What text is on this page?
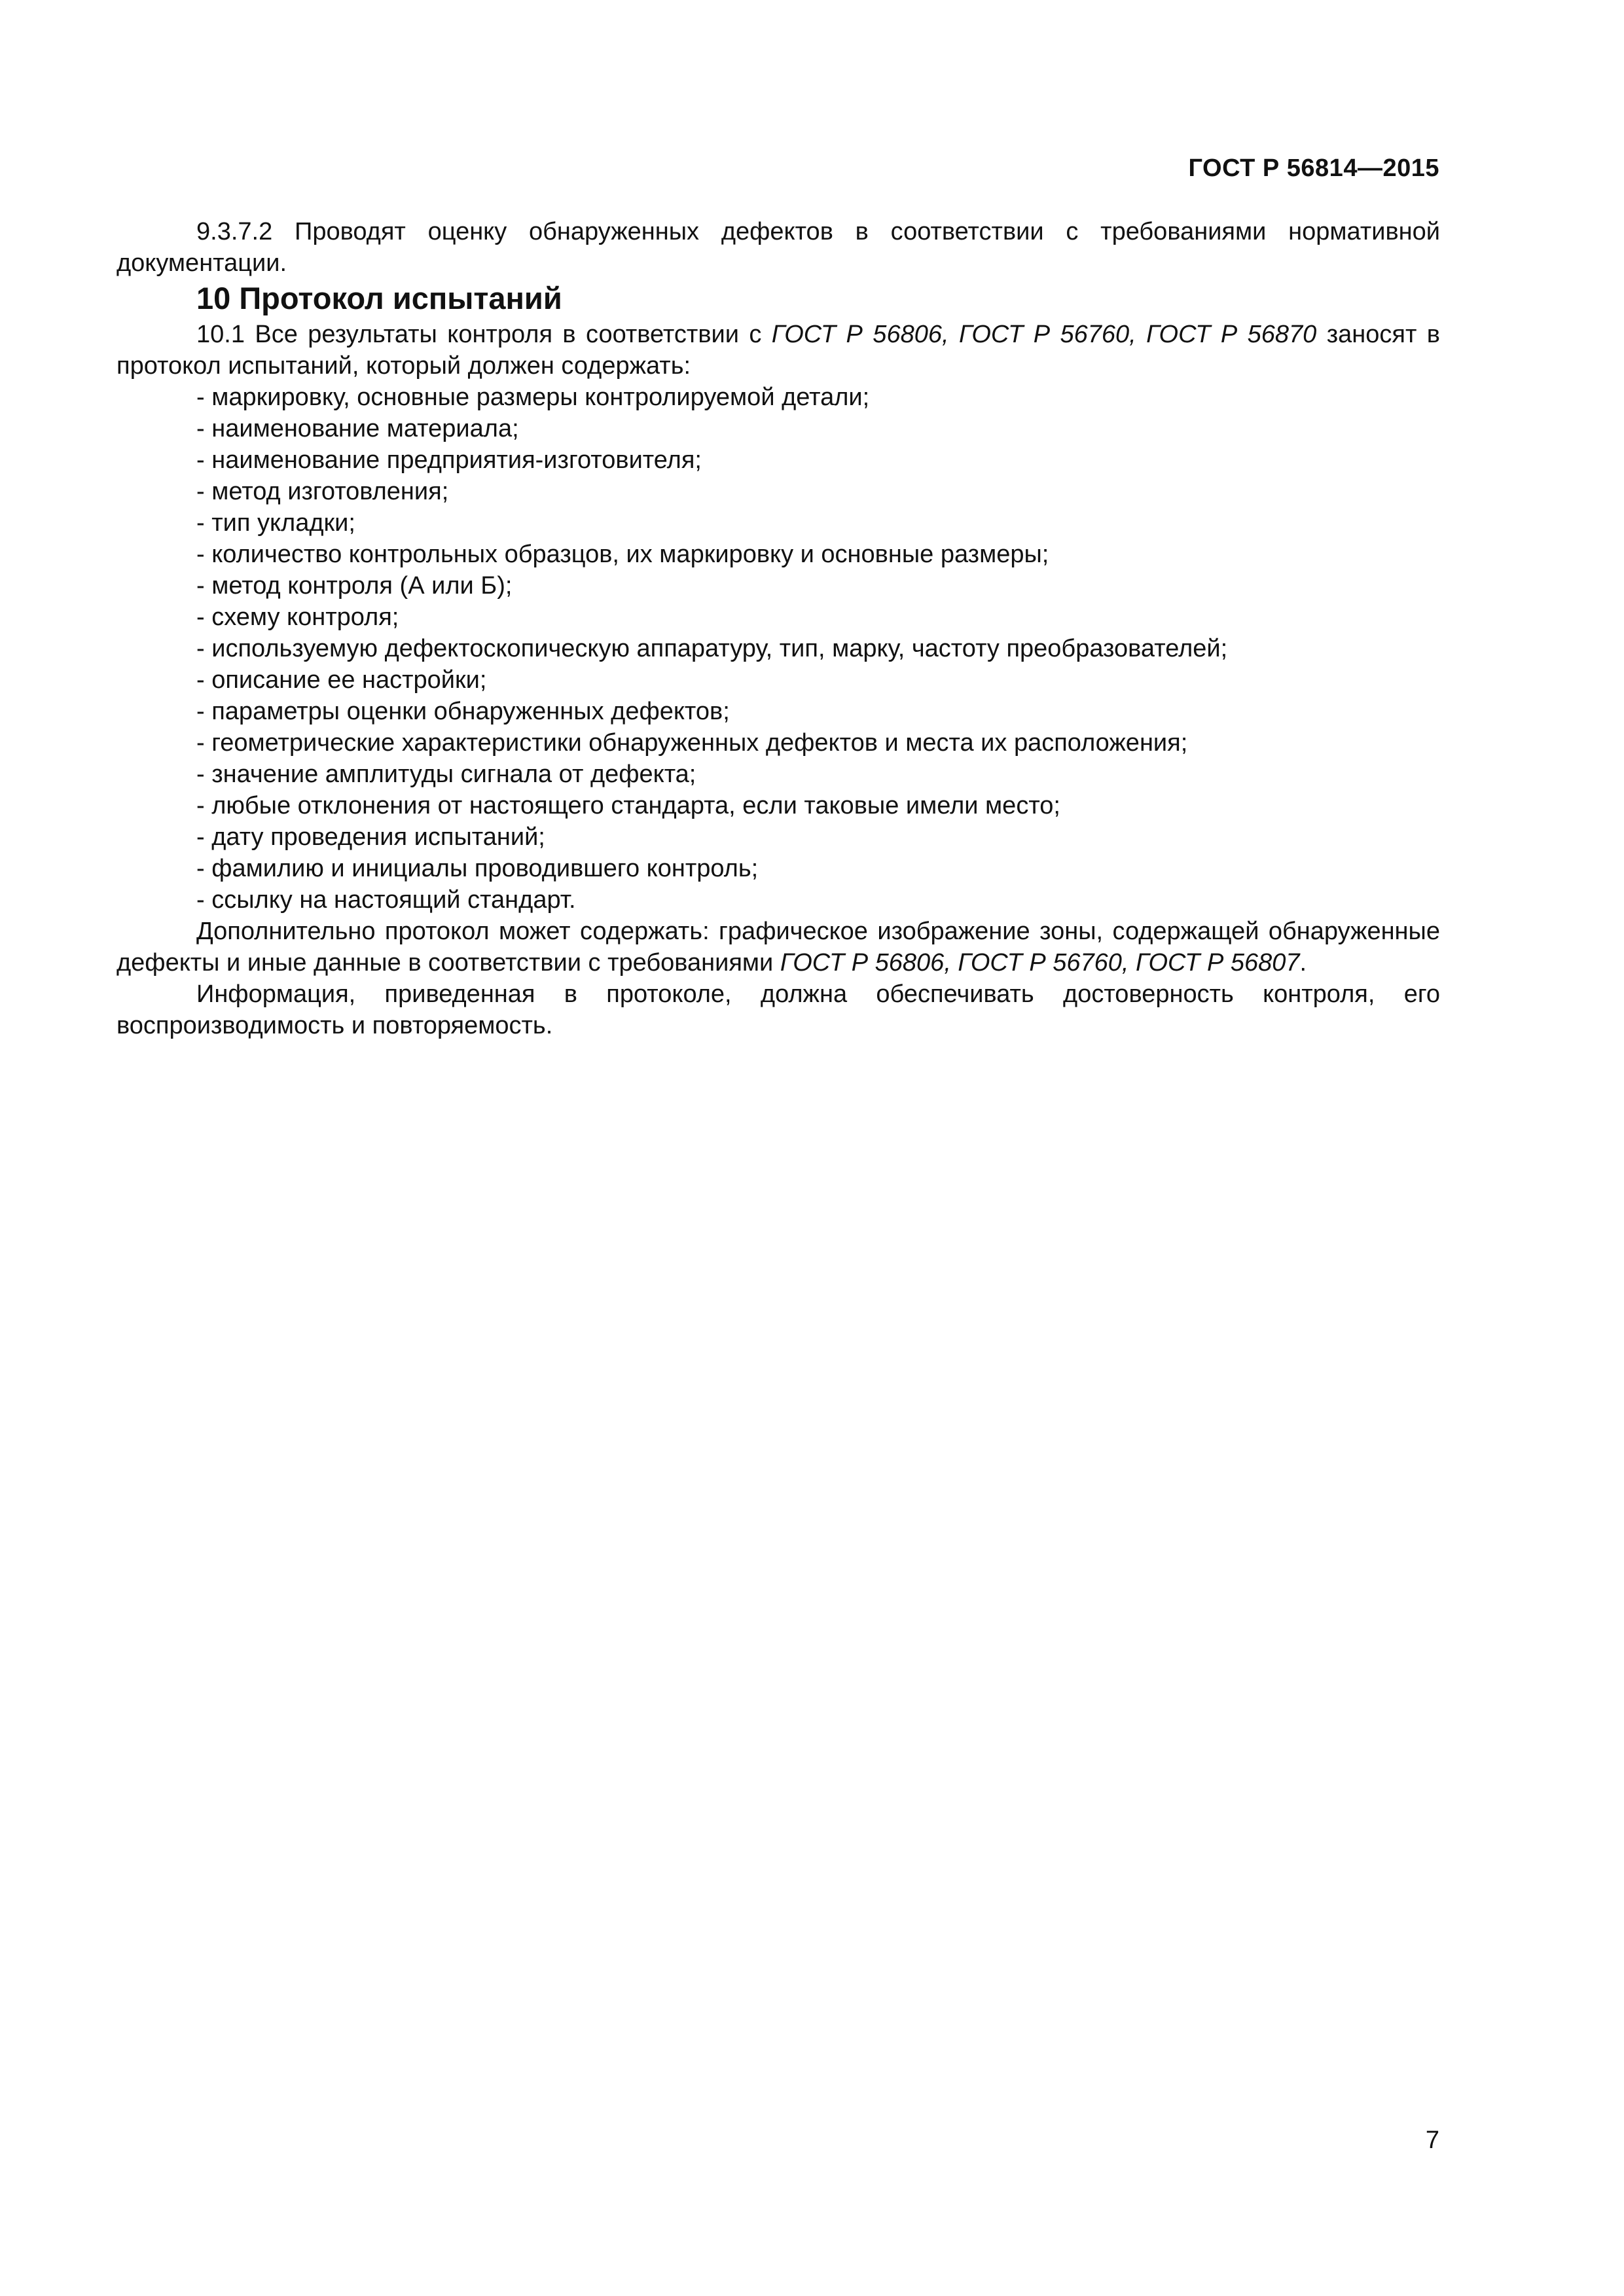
ГОСТ Р 56814—2015

9.3.7.2 Проводят оценку обнаруженных дефектов в соответствии с требованиями нормативной документации.

10 Протокол испытаний

10.1 Все результаты контроля в соответствии с ГОСТ Р 56806, ГОСТ Р 56760, ГОСТ Р 56870 заносят в протокол испытаний, который должен содержать:

- маркировку, основные размеры контролируемой детали;
- наименование материала;
- наименование предприятия-изготовителя;
- метод изготовления;
- тип укладки;
- количество контрольных образцов, их маркировку и основные размеры;
- метод контроля (А или Б);
- схему контроля;
- используемую дефектоскопическую аппаратуру, тип, марку, частоту преобразователей;
- описание ее настройки;
- параметры оценки обнаруженных дефектов;
- геометрические характеристики обнаруженных дефектов и места их расположения;
- значение амплитуды сигнала от дефекта;
- любые отклонения от настоящего стандарта, если таковые имели место;
- дату проведения испытаний;
- фамилию и инициалы проводившего контроль;
- ссылку на настоящий стандарт.

Дополнительно протокол может содержать: графическое изображение зоны, содержащей обнаруженные дефекты и иные данные в соответствии с требованиями ГОСТ Р 56806, ГОСТ Р 56760, ГОСТ Р 56807.

Информация, приведенная в протоколе, должна обеспечивать достоверность контроля, его воспроизводимость и повторяемость.

7
